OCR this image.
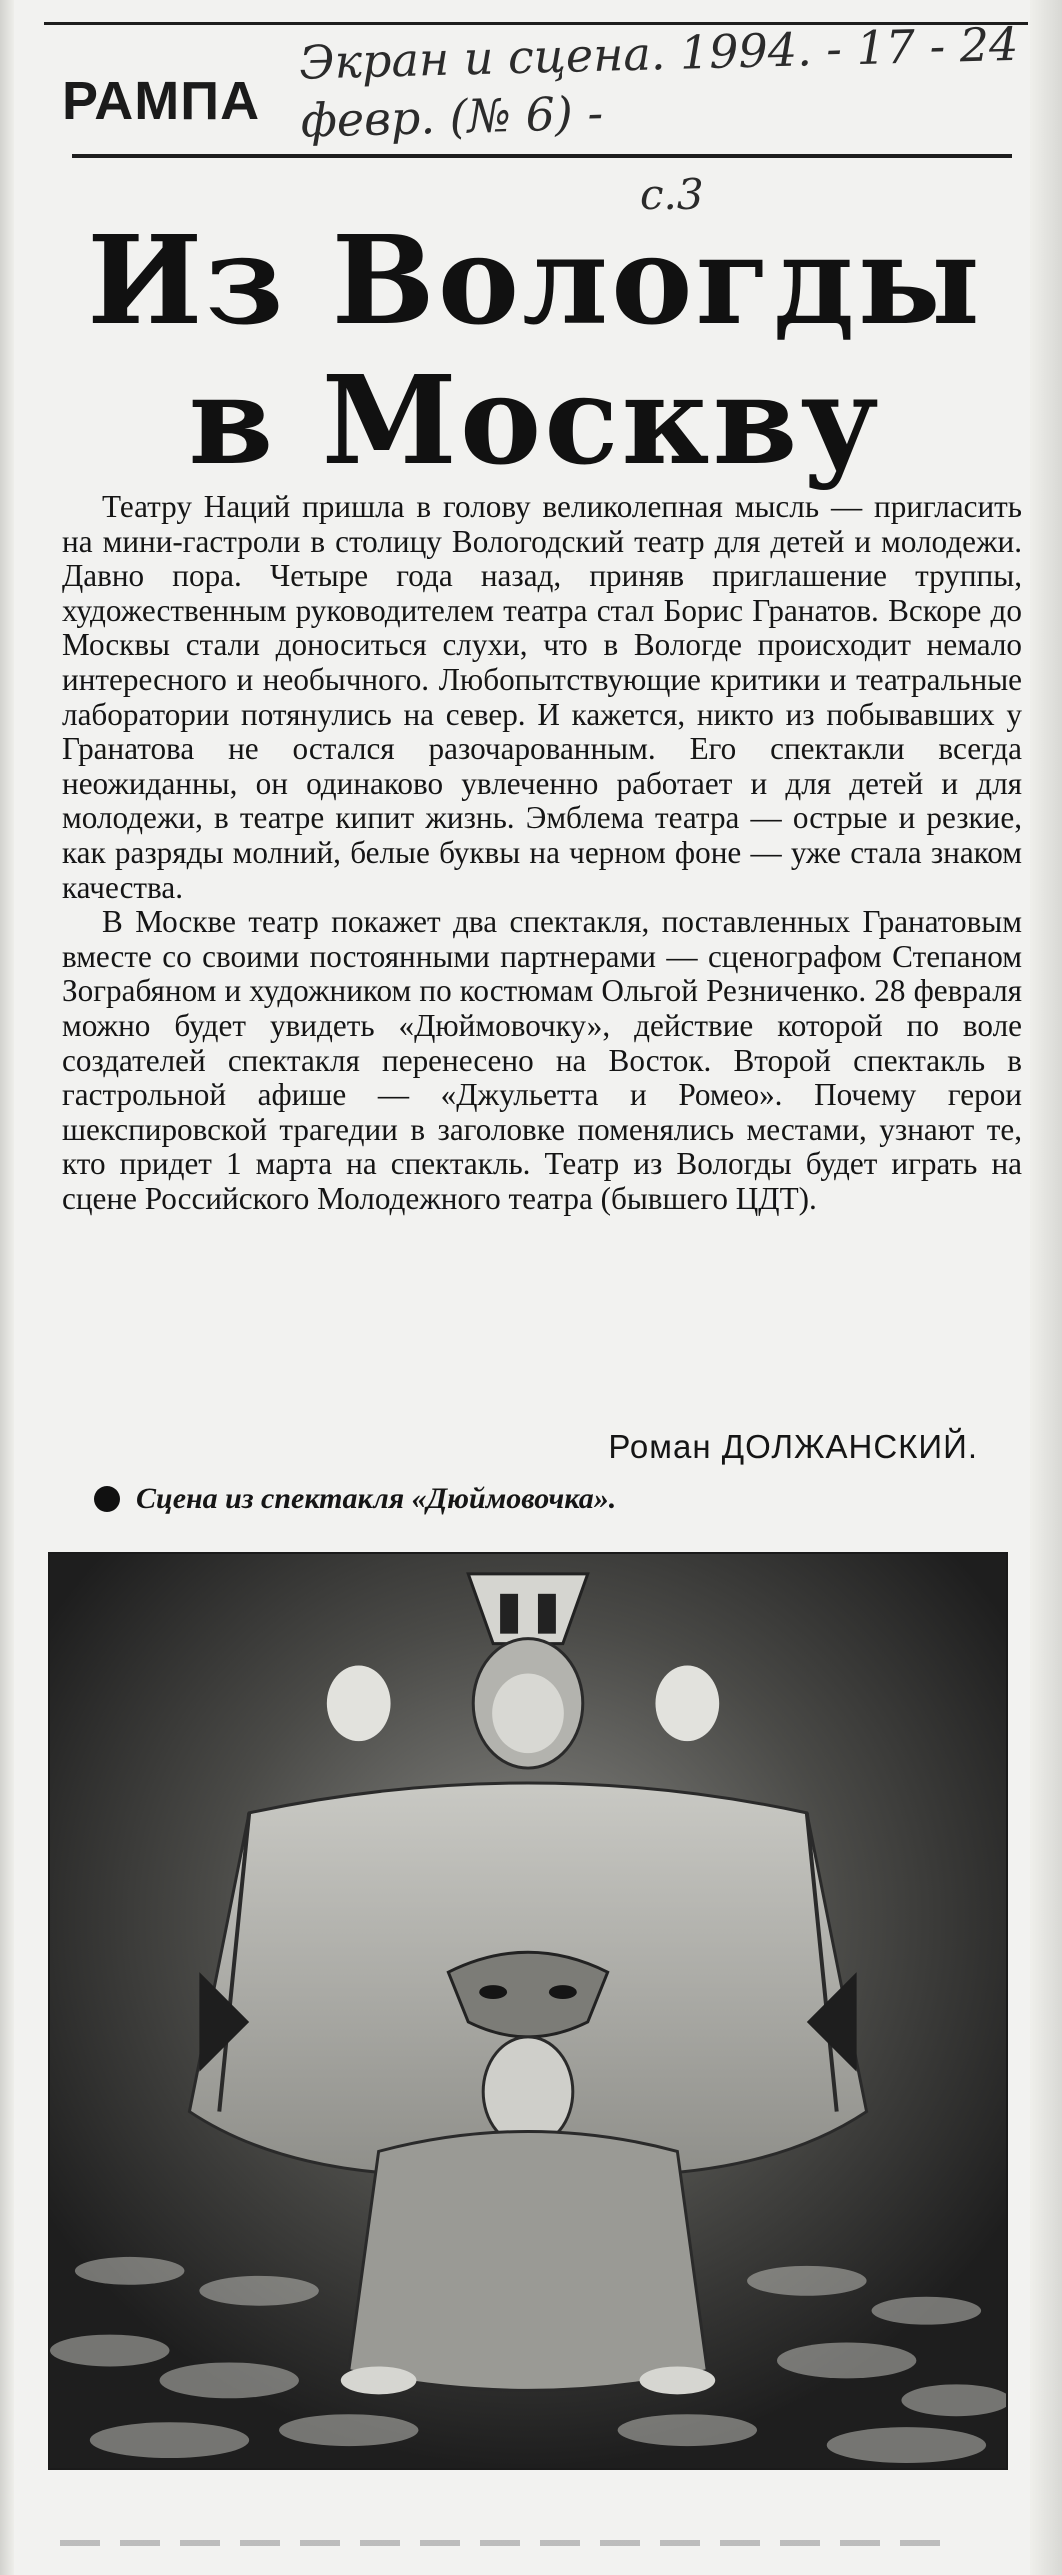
РАМПА
Экран и сцена. 1994. - 17 - 24 февр. (№ 6) -
с.3
Из Вологды
в Москву

Театру Наций пришла в голову великолепная мысль — пригласить на мини-гастроли в столицу Вологодский театр для детей и молодежи. Давно пора. Четыре года назад, приняв приглашение труппы, художественным руководителем театра стал Борис Гранатов. Вскоре до Москвы стали доноситься слухи, что в Вологде происходит немало интересного и необычного. Любопытствующие критики и театральные лаборатории потянулись на север. И кажется, никто из побывавших у Гранатова не остался разочарованным. Его спектакли всегда неожиданны, он одинаково увлеченно работает и для детей и для молодежи, в театре кипит жизнь. Эмблема театра — острые и резкие, как разряды молний, белые буквы на черном фоне — уже стала знаком качества.

В Москве театр покажет два спектакля, поставленных Гранатовым вместе со своими постоянными партнерами — сценографом Степаном Зограбяном и художником по костюмам Ольгой Резниченко. 28 февраля можно будет увидеть «Дюймовочку», действие которой по воле создателей спектакля перенесено на Восток. Второй спектакль в гастрольной афише — «Джульетта и Ромео». Почему герои шекспировской трагедии в заголовке поменялись местами, узнают те, кто придет 1 марта на спектакль. Театр из Вологды будет играть на сцене Российского Молодежного театра (бывшего ЦДТ).

Роман ДОЛЖАНСКИЙ.
Сцена из спектакля «Дюймовочка».
